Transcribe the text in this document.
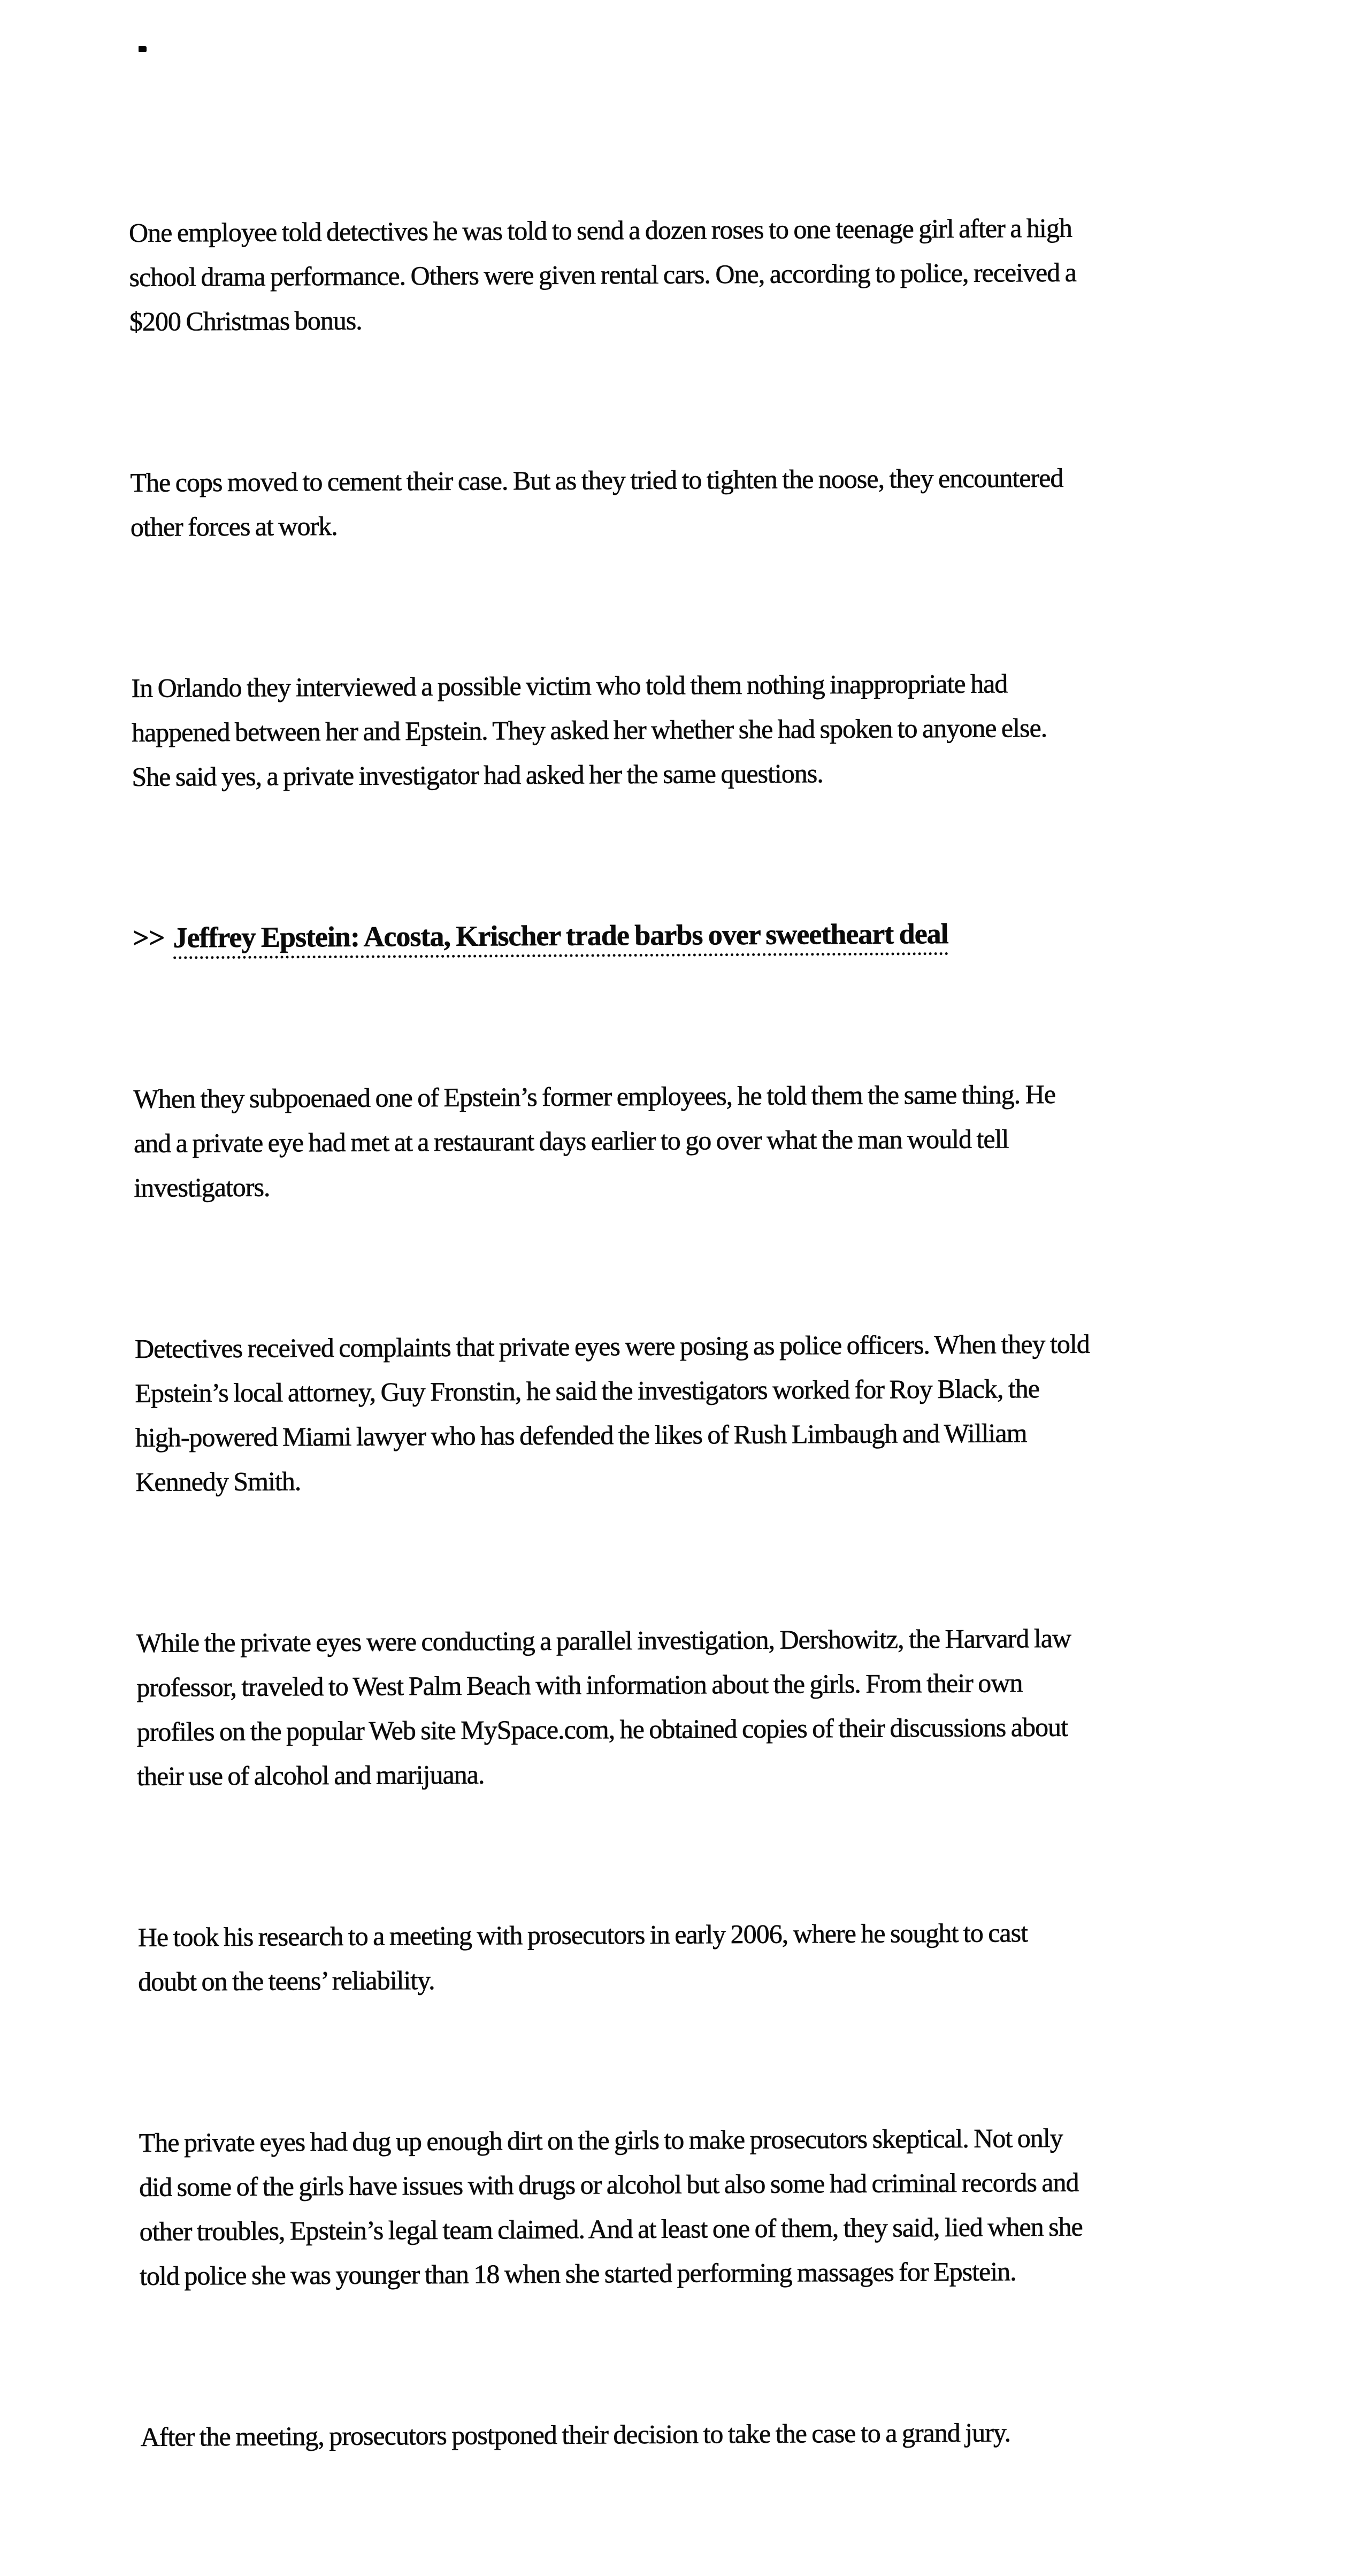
One employee told detectives he was told to send a dozen roses to one teenage girl after a high
school drama performance. Others were given rental cars. One, according to police, received a
$200 Christmas bonus.

The cops moved to cement their case. But as they tried to tighten the noose, they encountered
other forces at work.

In Orlando they interviewed a possible victim who told them nothing inappropriate had
happened between her and Epstein. They asked her whether she had spoken to anyone else.
She said yes, a private investigator had asked her the same questions.

>> Jeffrey Epstein: Acosta, Krischer trade barbs over sweetheart deal

When they subpoenaed one of Epstein’s former employees, he told them the same thing. He
and a private eye had met at a restaurant days earlier to go over what the man would tell
investigators.

Detectives received complaints that private eyes were posing as police officers. When they told
Epstein’s local attorney, Guy Fronstin, he said the investigators worked for Roy Black, the
high-powered Miami lawyer who has defended the likes of Rush Limbaugh and William
Kennedy Smith.

While the private eyes were conducting a parallel investigation, Dershowitz, the Harvard law
professor, traveled to West Palm Beach with information about the girls. From their own
profiles on the popular Web site MySpace.com, he obtained copies of their discussions about
their use of alcohol and marijuana.

He took his research to a meeting with prosecutors in early 2006, where he sought to cast
doubt on the teens’ reliability.

The private eyes had dug up enough dirt on the girls to make prosecutors skeptical. Not only
did some of the girls have issues with drugs or alcohol but also some had criminal records and
other troubles, Epstein’s legal team claimed. And at least one of them, they said, lied when she
told police she was younger than 18 when she started performing massages for Epstein.

After the meeting, prosecutors postponed their decision to take the case to a grand jury.
